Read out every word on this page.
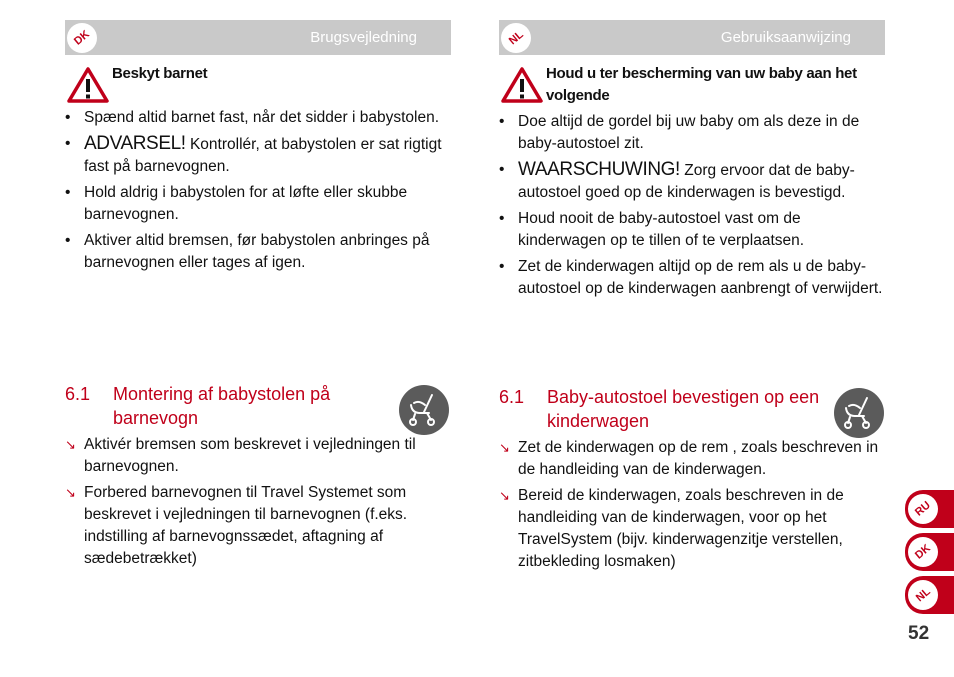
DK	Brugsvejledning
Beskyt barnet
• Spænd altid barnet fast, når det sidder i babystolen.
• ADVARSEL! Kontrollér, at babystolen er sat rigtigt fast på barnevognen.
• Hold aldrig i babystolen for at løfte eller skubbe barnevognen.
• Aktiver altid bremsen, før babystolen anbringes på barnevognen eller tages af igen.
6.1 Montering af babystolen på barnevogn
↘ Aktivér bremsen som beskrevet i vejledningen til barnevognen.
↘ Forbered barnevognen til Travel Systemet som beskrevet i vejledningen til barnevognen (f.eks. indstilling af barnevognssædet, aftagning af sædebetrækket)
NL	Gebruiksaanwijzing
Houd u ter bescherming van uw baby aan het volgende
• Doe altijd de gordel bij uw baby om als deze in de baby-autostoel zit.
• WAARSCHUWING! Zorg ervoor dat de baby-autostoel goed op de kinderwagen is bevestigd.
• Houd nooit de baby-autostoel vast om de kinderwagen op te tillen of te verplaatsen.
• Zet de kinderwagen altijd op de rem als u de baby-autostoel op de kinderwagen aanbrengt of verwijdert.
6.1 Baby-autostoel bevestigen op een kinderwagen
↘ Zet de kinderwagen op de rem , zoals beschreven in de handleiding van de kinderwagen.
↘ Bereid de kinderwagen, zoals beschreven in de handleiding van de kinderwagen, voor op het TravelSystem (bijv. kinderwagenzitje verstellen, zitbekleding losmaken)
RU
DK
NL
52
